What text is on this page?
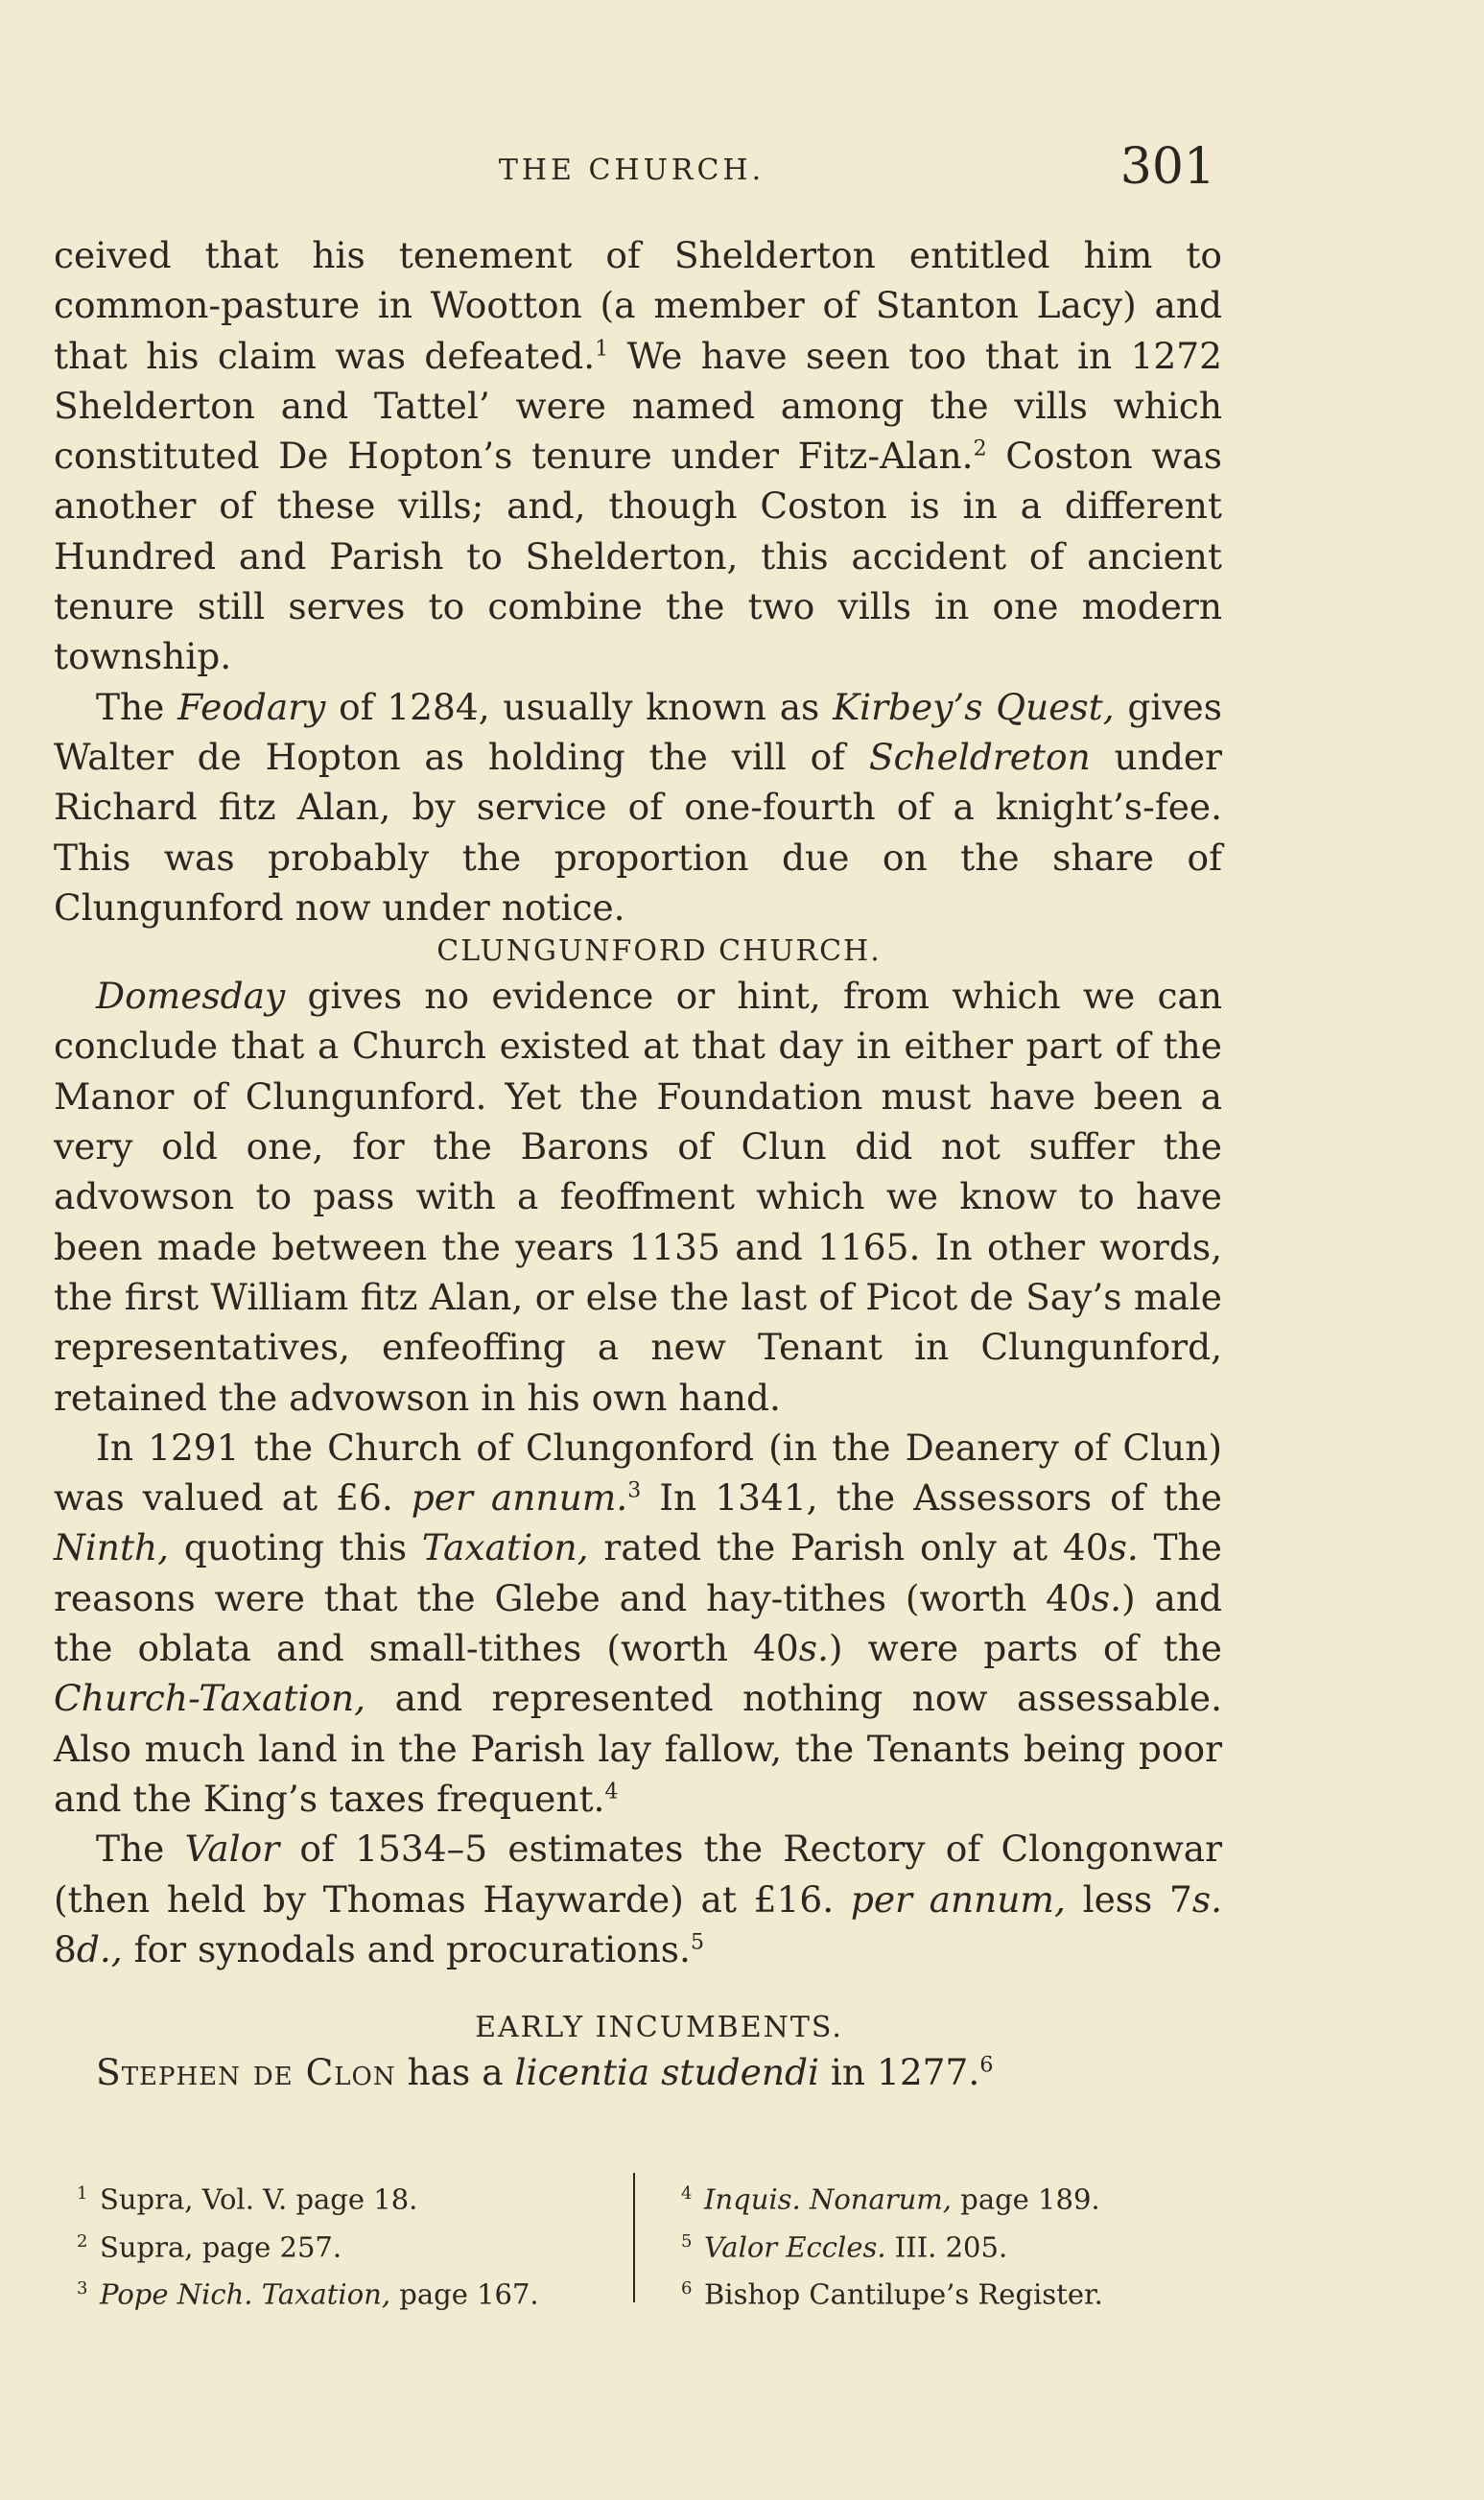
THE CHURCH.	301

ceived that his tenement of Shelderton entitled him to common-pasture in Wootton (a member of Stanton Lacy) and that his claim was defeated.$^1$ We have seen too that in 1272 Shelderton and Tattel’ were named among the vills which constituted De Hopton’s tenure under Fitz-Alan.$^2$ Coston was another of these vills; and, though Coston is in a different Hundred and Parish to Shelderton, this accident of ancient tenure still serves to combine the two vills in one modern township.

The Feodary of 1284, usually known as Kirbey’s Quest, gives Walter de Hopton as holding the vill of Scheldreton under Richard fitz Alan, by service of one-fourth of a knight’s-fee. This was probably the proportion due on the share of Clungunford now under notice.

CLUNGUNFORD CHURCH.

Domesday gives no evidence or hint, from which we can conclude that a Church existed at that day in either part of the Manor of Clungunford. Yet the Foundation must have been a very old one, for the Barons of Clun did not suffer the advowson to pass with a feoffment which we know to have been made between the years 1135 and 1165. In other words, the first William fitz Alan, or else the last of Picot de Say’s male representatives, enfeoffing a new Tenant in Clungunford, retained the advowson in his own hand.

In 1291 the Church of Clungonford (in the Deanery of Clun) was valued at £6. per annum.$^3$ In 1341, the Assessors of the Ninth, quoting this Taxation, rated the Parish only at 40s. The reasons were that the Glebe and hay-tithes (worth 40s.) and the oblata and small-tithes (worth 40s.) were parts of the Church-Taxation, and represented nothing now assessable. Also much land in the Parish lay fallow, the Tenants being poor and the King’s taxes frequent.$^4$

The Valor of 1534–5 estimates the Rectory of Clongonwar (then held by Thomas Haywarde) at £16. per annum, less 7s. 8d., for synodals and procurations.$^5$

EARLY INCUMBENTS.

Stephen de Clon has a licentia studendi in 1277.$^6$

1 Supra, Vol. V. page 18.
2 Supra, page 257.
3 Pope Nich. Taxation, page 167.
4 Inquis. Nonarum, page 189.
5 Valor Eccles. III. 205.
6 Bishop Cantilupe’s Register.
